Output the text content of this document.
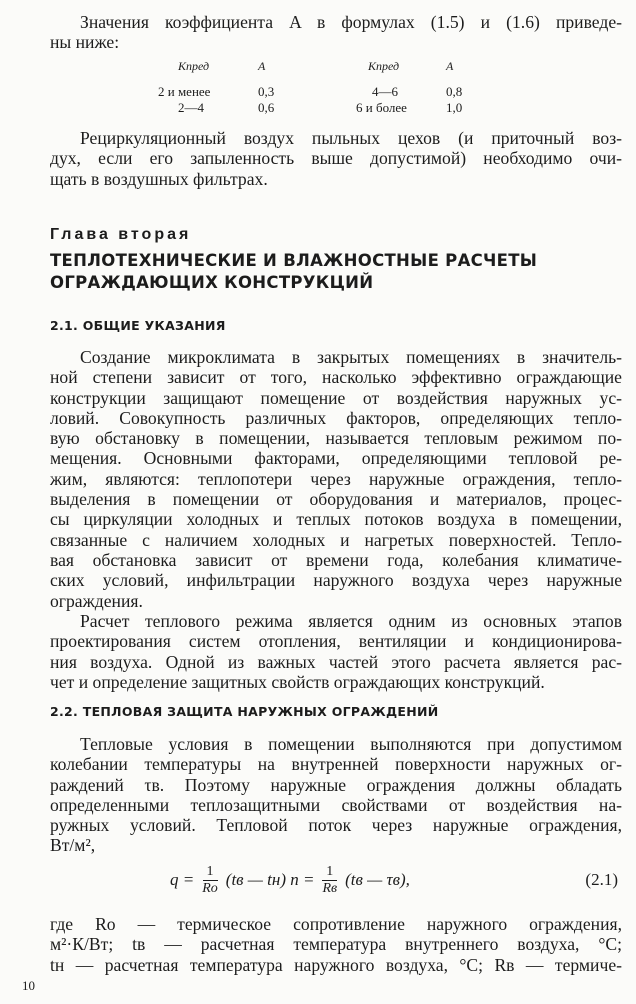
Значения коэффициента A в формулах (1.5) и (1.6) приведе-
ны ниже:
Kпред	A	Kпред	A
2 и менее	0,3	4—6	0,8
2—4	0,6	6 и более	1,0
Рециркуляционный воздух пыльных цехов (и приточный воз-
дух, если его запыленность выше допустимой) необходимо очи-
щать в воздушных фильтрах.
Глава вторая
ТЕПЛОТЕХНИЧЕСКИЕ И ВЛАЖНОСТНЫЕ РАСЧЕТЫ
ОГРАЖДАЮЩИХ КОНСТРУКЦИЙ
2.1. ОБЩИЕ УКАЗАНИЯ
Создание микроклимата в закрытых помещениях в значитель-
ной степени зависит от того, насколько эффективно ограждающие
конструкции защищают помещение от воздействия наружных ус-
ловий. Совокупность различных факторов, определяющих тепло-
вую обстановку в помещении, называется тепловым режимом по-
мещения. Основными факторами, определяющими тепловой ре-
жим, являются: теплопотери через наружные ограждения, тепло-
выделения в помещении от оборудования и материалов, процес-
сы циркуляции холодных и теплых потоков воздуха в помещении,
связанные с наличием холодных и нагретых поверхностей. Тепло-
вая обстановка зависит от времени года, колебания климатиче-
ских условий, инфильтрации наружного воздуха через наружные
ограждения.
Расчет теплового режима является одним из основных этапов
проектирования систем отопления, вентиляции и кондиционирова-
ния воздуха. Одной из важных частей этого расчета является рас-
чет и определение защитных свойств ограждающих конструкций.
2.2. ТЕПЛОВАЯ ЗАЩИТА НАРУЖНЫХ ОГРАЖДЕНИЙ
Тепловые условия в помещении выполняются при допустимом
колебании температуры на внутренней поверхности наружных ог-
раждений τв. Поэтому наружные ограждения должны обладать
определенными теплозащитными свойствами от воздействия на-
ружных условий. Тепловой поток через наружные ограждения,
Вт/м²,
$q = \frac{1}{Rо} (tв$ — tн) $n = \frac{1}{Rв} (tв$ — τв),	(2.1)
где Rо — термическое сопротивление наружного ограждения,
м²·К/Вт; tв — расчетная температура внутреннего воздуха, °С;
tн — расчетная температура наружного воздуха, °С; Rв — термиче-
10
